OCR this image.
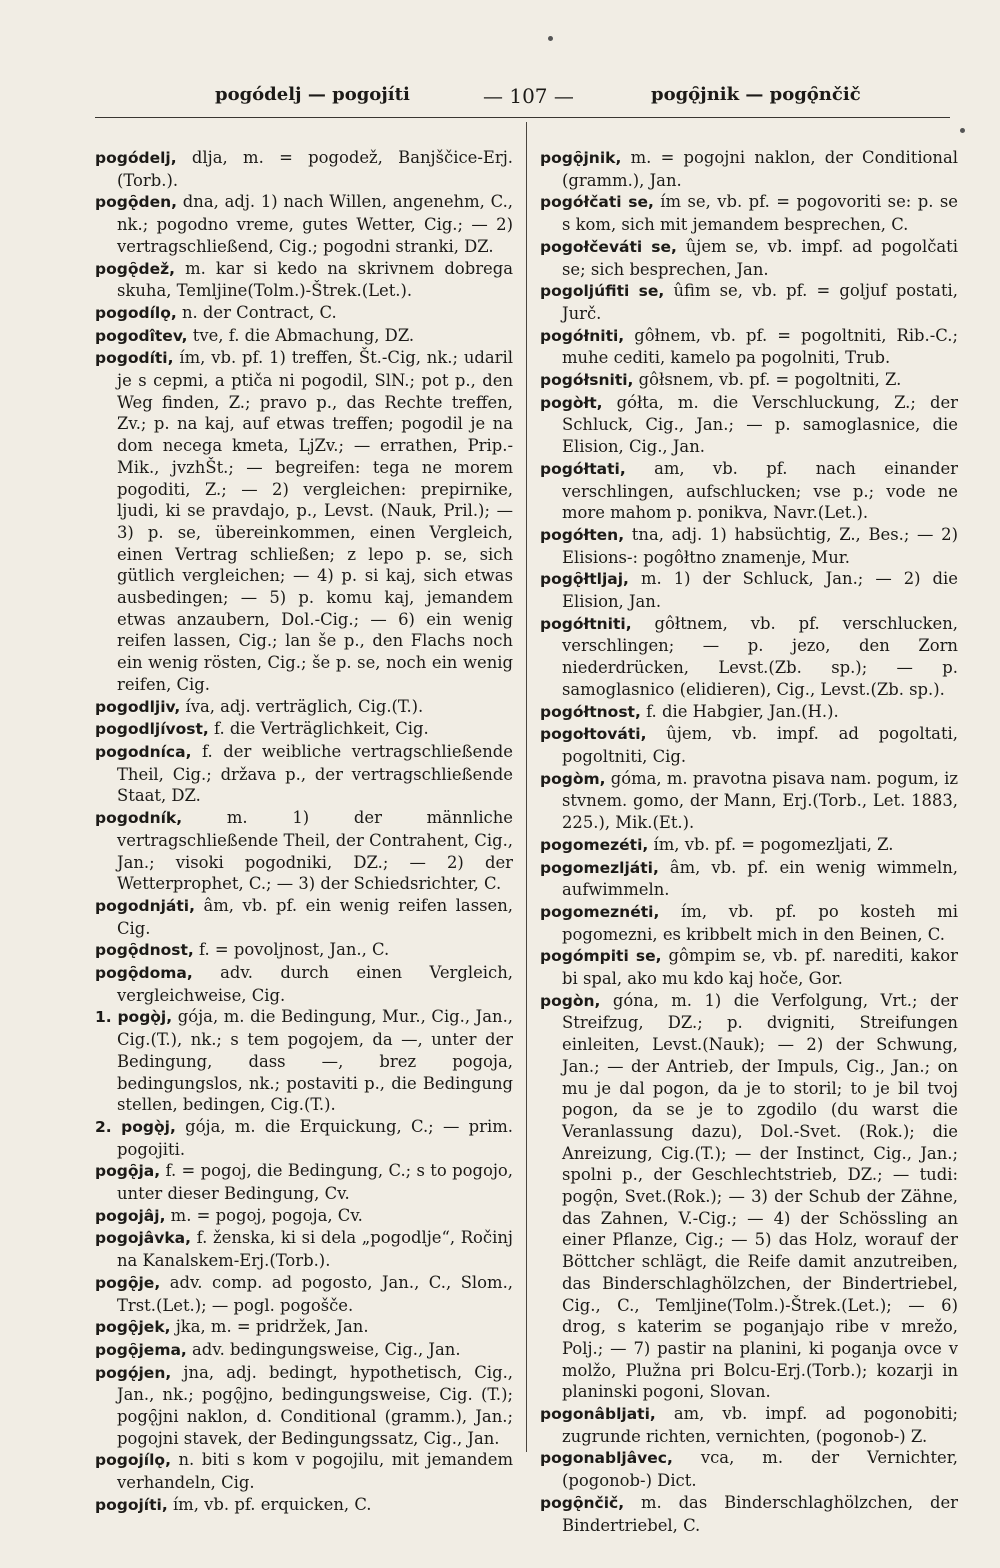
pogódelj — pogojíti	— 107 —	pogǫ̑jnik — pogǫ̑nčič

pogódelj, dlja, m. = pogodež, Banjščice-Erj. (Torb.).

pogǫ̑den, dna, adj. 1) nach Willen, angenehm, C., nk.; pogodno vreme, gutes Wetter, Cig.; — 2) vertragschließend, Cig.; pogodni stranki, DZ.

pogǫ̑dež, m. kar si kedo na skrivnem dobrega skuha, Temljine(Tolm.)-Štrek.(Let.).

pogodílǫ, n. der Contract, C.

pogodîtev, tve, f. die Abmachung, DZ.

pogodíti, ím, vb. pf. 1) treffen, Št.-Cig, nk.; udaril je s cepmi, a ptiča ni pogodil, SlN.; pot p., den Weg finden, Z.; pravo p., das Rechte treffen, Zv.; p. na kaj, auf etwas treffen; pogodil je na dom necega kmeta, LjZv.; — errathen, Prip.-Mik., jvzhŠt.; — begreifen: tega ne morem pogoditi, Z.; — 2) vergleichen: prepirnike, ljudi, ki se pravdajo, p., Levst. (Nauk, Pril.); — 3) p. se, übereinkommen, einen Vergleich, einen Vertrag schließen; z lepo p. se, sich gütlich vergleichen; — 4) p. si kaj, sich etwas ausbedingen; — 5) p. komu kaj, jemandem etwas anzaubern, Dol.-Cig.; — 6) ein wenig reifen lassen, Cig.; lan še p., den Flachs noch ein wenig rösten, Cig.; še p. se, noch ein wenig reifen, Cig.

pogodljiv, íva, adj. verträglich, Cig.(T.).

pogodljívost, f. die Verträglichkeit, Cig.

pogodníca, f. der weibliche vertragschließende Theil, Cig.; država p., der vertragschließende Staat, DZ.

pogodník, m. 1) der männliche vertragschließende Theil, der Contrahent, Cig., Jan.; visoki pogodniki, DZ.; — 2) der Wetterprophet, C.; — 3) der Schiedsrichter, C.

pogodnjáti, âm, vb. pf. ein wenig reifen lassen, Cig.

pogǫ̑dnost, f. = povoljnost, Jan., C.

pogǫ̑doma, adv. durch einen Vergleich, vergleichweise, Cig.

1. pogǫ̀j, gója, m. die Bedingung, Mur., Cig., Jan., Cig.(T.), nk.; s tem pogojem, da —, unter der Bedingung, dass —, brez pogoja, bedingungslos, nk.; postaviti p., die Bedingung stellen, bedingen, Cig.(T.).

2. pogǫ̀j, gója, m. die Erquickung, C.; — prim. pogojiti.

pogǫ̑ja, f. = pogoj, die Bedingung, C.; s to pogojo, unter dieser Bedingung, Cv.

pogojâj, m. = pogoj, pogoja, Cv.

pogojâvka, f. ženska, ki si dela „pogodlje“, Ročinj na Kanalskem-Erj.(Torb.).

pogǫ̑je, adv. comp. ad pogosto, Jan., C., Slom., Trst.(Let.); — pogl. pogošče.

pogǫ̑jek, jka, m. = pridržek, Jan.

pogǫ̑jema, adv. bedingungsweise, Cig., Jan.

pogǫ́jen, jna, adj. bedingt, hypothetisch, Cig., Jan., nk.; pogǫ̑jno, bedingungsweise, Cig. (T.); pogǫ̑jni naklon, d. Conditional (gramm.), Jan.; pogojni stavek, der Bedingungssatz, Cig., Jan.

pogojílǫ, n. biti s kom v pogojilu, mit jemandem verhandeln, Cig.

pogojíti, ím, vb. pf. erquicken, C.

pogǫ̑jnik, m. = pogojni naklon, der Conditional (gramm.), Jan.

pogółčati se, ím se, vb. pf. = pogovoriti se: p. se s kom, sich mit jemandem besprechen, C.

pogołčeváti se, ûjem se, vb. impf. ad pogolčati se; sich besprechen, Jan.

pogoljúfiti se, ûfim se, vb. pf. = goljuf postati, Jurč.

pogółniti, gôłnem, vb. pf. = pogoltniti, Rib.-C.; muhe cediti, kamelo pa pogolniti, Trub.

pogółsniti, gôłsnem, vb. pf. = pogoltniti, Z.

pogòłt, gółta, m. die Verschluckung, Z.; der Schluck, Cig., Jan.; — p. samoglasnice, die Elision, Cig., Jan.

pogółtati, am, vb. pf. nach einander verschlingen, aufschlucken; vse p.; vode ne more mahom p. ponikva, Navr.(Let.).

pogółten, tna, adj. 1) habsüchtig, Z., Bes.; — 2) Elisions-: pogôłtno znamenje, Mur.

pogǫ̑łtljaj, m. 1) der Schluck, Jan.; — 2) die Elision, Jan.

pogółtniti, gôłtnem, vb. pf. verschlucken, verschlingen; — p. jezo, den Zorn niederdrücken, Levst.(Zb. sp.); — p. samoglasnico (elidieren), Cig., Levst.(Zb. sp.).

pogółtnost, f. die Habgier, Jan.(H.).

pogołtováti, ûjem, vb. impf. ad pogoltati, pogoltniti, Cig.

pogòm, góma, m. pravotna pisava nam. pogum, iz stvnem. gomo, der Mann, Erj.(Torb., Let. 1883, 225.), Mik.(Et.).

pogomezéti, ím, vb. pf. = pogomezljati, Z.

pogomezljáti, âm, vb. pf. ein wenig wimmeln, aufwimmeln.

pogomeznéti, ím, vb. pf. po kosteh mi pogomezni, es kribbelt mich in den Beinen, C.

pogómpiti se, gômpim se, vb. pf. narediti, kakor bi spal, ako mu kdo kaj hoče, Gor.

pogòn, góna, m. 1) die Verfolgung, Vrt.; der Streifzug, DZ.; p. dvigniti, Streifungen einleiten, Levst.(Nauk); — 2) der Schwung, Jan.; — der Antrieb, der Impuls, Cig., Jan.; on mu je dal pogon, da je to storil; to je bil tvoj pogon, da se je to zgodilo (du warst die Veranlassung dazu), Dol.-Svet. (Rok.); die Anreizung, Cig.(T.); — der Instinct, Cig., Jan.; spolni p., der Geschlechtstrieb, DZ.; — tudi: pogǫ̑n, Svet.(Rok.); — 3) der Schub der Zähne, das Zahnen, V.-Cig.; — 4) der Schössling an einer Pflanze, Cig.; — 5) das Holz, worauf der Böttcher schlägt, die Reife damit anzutreiben, das Binderschlaghölzchen, der Bindertriebel, Cig., C., Temljine(Tolm.)-Štrek.(Let.); — 6) drog, s katerim se poganjajo ribe v mrežo, Polj.; — 7) pastir na planini, ki poganja ovce v molžo, Plužna pri Bolcu-Erj.(Torb.); kozarji in planinski pogoni, Slovan.

pogonâbljati, am, vb. impf. ad pogonobiti; zugrunde richten, vernichten, (pogonob-) Z.

pogonabljâvec, vca, m. der Vernichter, (pogonob-) Dict.

pogǫ̑nčič, m. das Binderschlaghölzchen, der Bindertriebel, C.
